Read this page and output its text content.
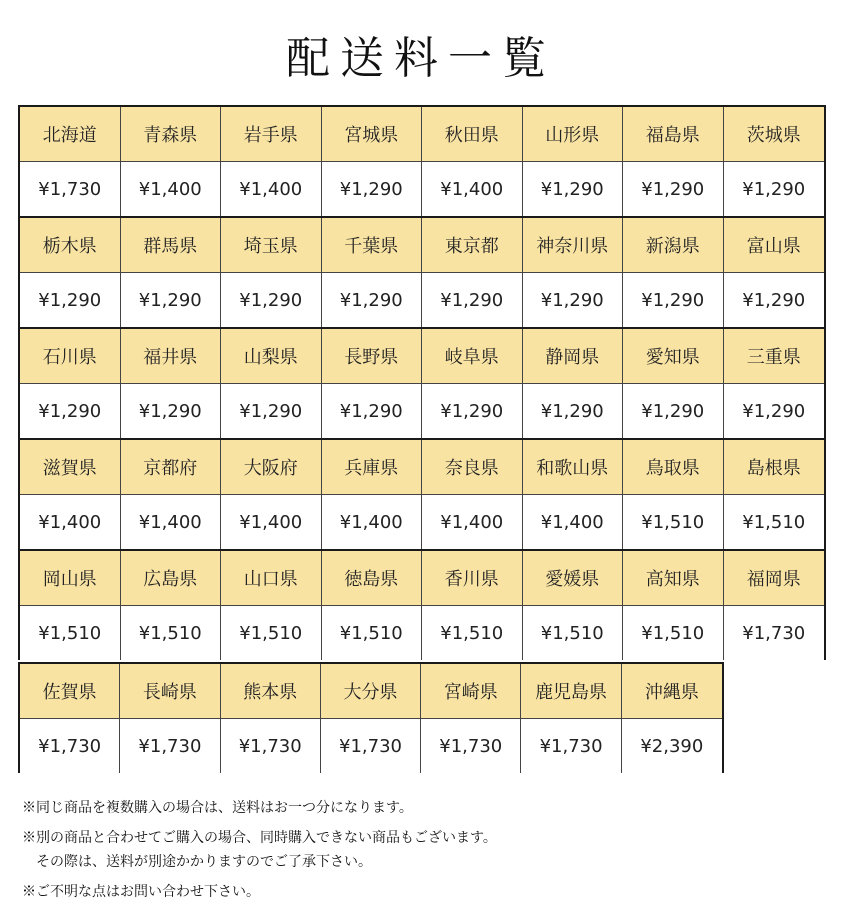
配送料一覧
北海道	青森県	岩手県	宮城県	秋田県	山形県	福島県	茨城県
¥1,730	¥1,400	¥1,400	¥1,290	¥1,400	¥1,290	¥1,290	¥1,290
栃木県	群馬県	埼玉県	千葉県	東京都	神奈川県	新潟県	富山県
¥1,290	¥1,290	¥1,290	¥1,290	¥1,290	¥1,290	¥1,290	¥1,290
石川県	福井県	山梨県	長野県	岐阜県	静岡県	愛知県	三重県
¥1,290	¥1,290	¥1,290	¥1,290	¥1,290	¥1,290	¥1,290	¥1,290
滋賀県	京都府	大阪府	兵庫県	奈良県	和歌山県	鳥取県	島根県
¥1,400	¥1,400	¥1,400	¥1,400	¥1,400	¥1,400	¥1,510	¥1,510
岡山県	広島県	山口県	徳島県	香川県	愛媛県	高知県	福岡県
¥1,510	¥1,510	¥1,510	¥1,510	¥1,510	¥1,510	¥1,510	¥1,730
佐賀県	長崎県	熊本県	大分県	宮崎県	鹿児島県	沖縄県
¥1,730	¥1,730	¥1,730	¥1,730	¥1,730	¥1,730	¥2,390

※同じ商品を複数購入の場合は、送料はお一つ分になります。

※別の商品と合わせてご購入の場合、同時購入できない商品もございます。

　その際は、送料が別途かかりますのでご了承下さい。

※ご不明な点はお問い合わせ下さい。
